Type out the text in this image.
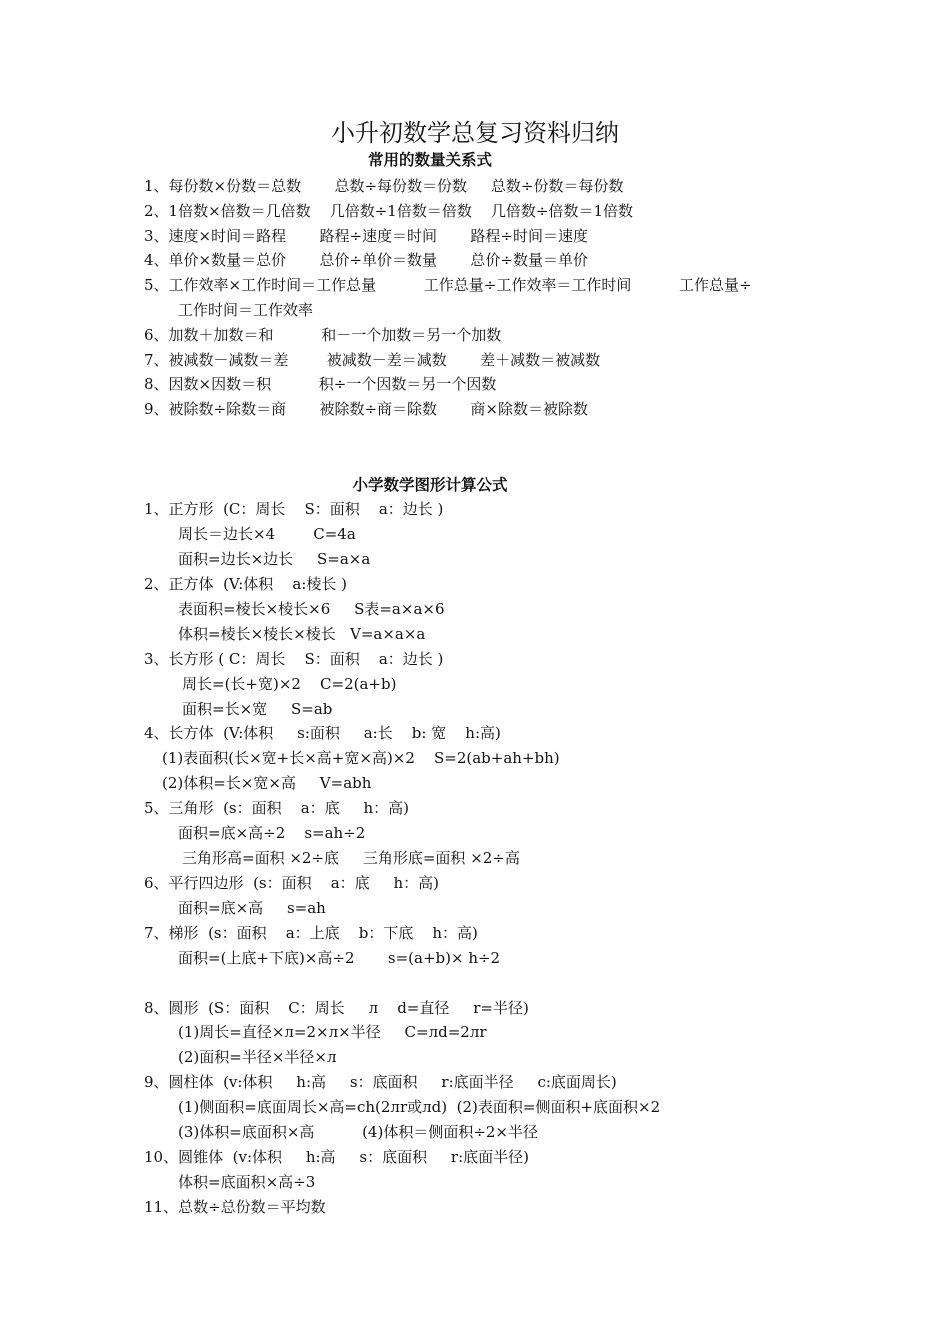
小升初数学总复习资料归纳
常用的数量关系式
1、每份数×份数＝总数       总数÷每份数＝份数     总数÷份数＝每份数
2、1倍数×倍数＝几倍数    几倍数÷1倍数＝倍数    几倍数÷倍数＝1倍数
3、速度×时间＝路程       路程÷速度＝时间       路程÷时间＝速度
4、单价×数量＝总价       总价÷单价＝数量       总价÷数量＝单价
5、工作效率×工作时间＝工作总量          工作总量÷工作效率＝工作时间          工作总量÷
工作时间＝工作效率
6、加数＋加数＝和          和－一个加数＝另一个加数
7、被减数－减数＝差        被减数－差＝减数       差＋减数＝被减数
8、因数×因数＝积          积÷一个因数＝另一个因数
9、被除数÷除数＝商       被除数÷商＝除数       商×除数＝被除数
小学数学图形计算公式
1、正方形  (C：周长    S：面积    a：边长 )
周长＝边长×4        C=4a
面积=边长×边长     S=a×a
2、正方体  (V:体积    a:棱长 )
表面积=棱长×棱长×6     S表=a×a×6
体积=棱长×棱长×棱长   V=a×a×a
3、长方形 ( C：周长    S：面积    a：边长 )
周长=(长+宽)×2    C=2(a+b)
面积=长×宽     S=ab
4、长方体  (V:体积     s:面积     a:长    b: 宽    h:高)
(1)表面积(长×宽+长×高+宽×高)×2    S=2(ab+ah+bh)
(2)体积=长×宽×高     V=abh
5、三角形  (s：面积    a：底     h：高)
面积=底×高÷2    s=ah÷2
三角形高=面积 ×2÷底     三角形底=面积 ×2÷高
6、平行四边形  (s：面积    a：底     h：高)
面积=底×高     s=ah
7、梯形  (s：面积    a：上底    b：下底    h：高)
面积=(上底+下底)×高÷2       s=(a+b)× h÷2
8、圆形  (S：面积    C：周长     л    d=直径     r=半径)
(1)周长=直径×л=2×л×半径     C=лd=2лr
(2)面积=半径×半径×л
9、圆柱体  (v:体积     h:高     s：底面积     r:底面半径     c:底面周长)
(1)侧面积=底面周长×高=ch(2лr或лd)  (2)表面积=侧面积+底面积×2
(3)体积=底面积×高          (4)体积＝侧面积÷2×半径
10、圆锥体  (v:体积     h:高     s：底面积     r:底面半径)
体积=底面积×高÷3
11、总数÷总份数＝平均数
